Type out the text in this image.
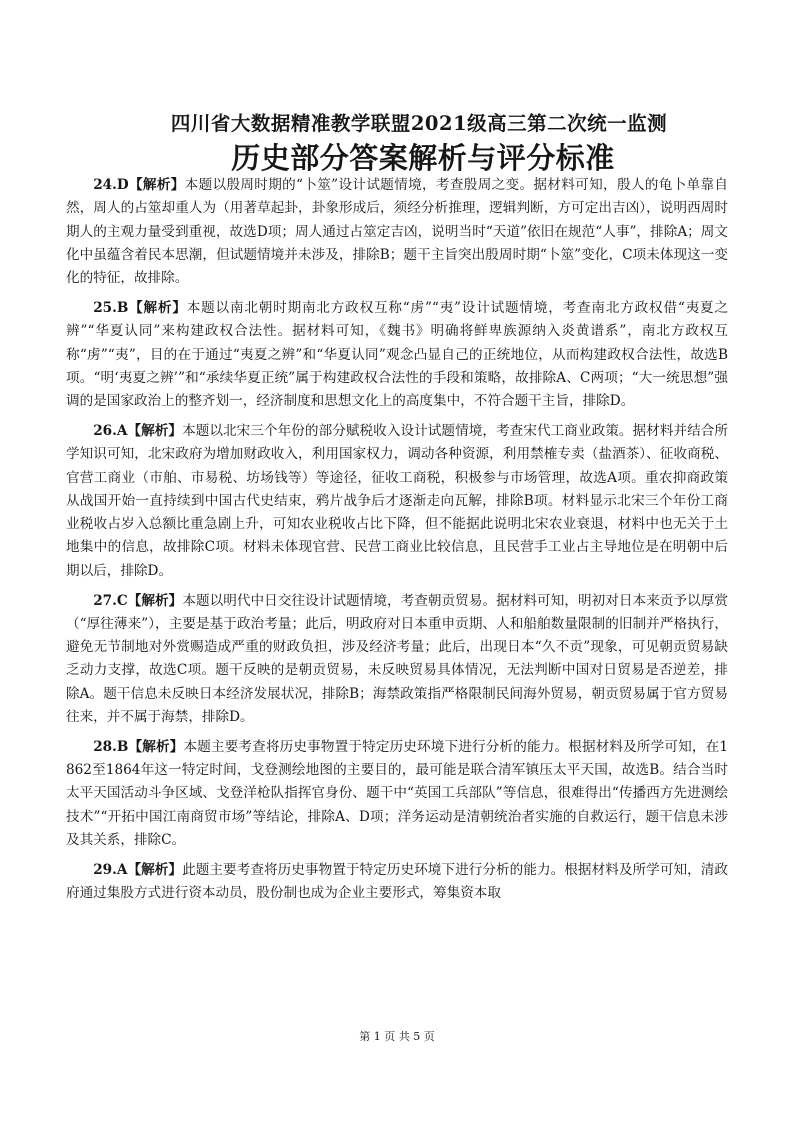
四川省大数据精准教学联盟2021级高三第二次统一监测
历史部分答案解析与评分标准

24.D【解析】本题以殷周时期的“卜筮”设计试题情境，考查殷周之变。据材料可知，殷人的龟卜单靠自然，周人的占筮却重人为（用著草起卦，卦象形成后，须经分析推理，逻辑判断，方可定出吉凶），说明西周时期人的主观力量受到重视，故选D项；周人通过占筮定吉凶，说明当时“天道”依旧在规范“人事”，排除A；周文化中虽蕴含着民本思潮，但试题情境并未涉及，排除B；题干主旨突出殷周时期“卜筮”变化，C项未体现这一变化的特征，故排除。

25.B【解析】本题以南北朝时期南北方政权互称“虏”“夷”设计试题情境，考查南北方政权借“夷夏之辨”“华夏认同”来构建政权合法性。据材料可知，《魏书》明确将鲜卑族源纳入炎黄谱系”，南北方政权互称“虏”“夷”，目的在于通过“夷夏之辨”和“华夏认同”观念凸显自己的正统地位，从而构建政权合法性，故选B项。“明‘夷夏之辨’”和“承续华夏正统”属于构建政权合法性的手段和策略，故排除A、C两项；“大一统思想”强调的是国家政治上的整齐划一，经济制度和思想文化上的高度集中，不符合题干主旨，排除D。

26.A【解析】本题以北宋三个年份的部分赋税收入设计试题情境，考查宋代工商业政策。据材料并结合所学知识可知，北宋政府为增加财政收入，利用国家权力，调动各种资源，利用禁榷专卖（盐酒茶）、征收商税、官营工商业（市舶、市易税、坊场钱等）等途径，征收工商税，积极参与市场管理，故选A项。重农抑商政策从战国开始一直持续到中国古代史结束，鸦片战争后才逐渐走向瓦解，排除B项。材料显示北宋三个年份工商业税收占岁入总额比重急剧上升，可知农业税收占比下降，但不能据此说明北宋农业衰退，材料中也无关于土地集中的信息，故排除C项。材料未体现官营、民营工商业比较信息，且民营手工业占主导地位是在明朝中后期以后，排除D。

27.C【解析】本题以明代中日交往设计试题情境，考查朝贡贸易。据材料可知，明初对日本来贡予以厚赏（“厚往薄来”），主要是基于政治考量；此后，明政府对日本重申贡期、人和船舶数量限制的旧制并严格执行，避免无节制地对外赏赐造成严重的财政负担，涉及经济考量；此后，出现日本“久不贡”现象，可见朝贡贸易缺乏动力支撑，故选C项。题干反映的是朝贡贸易，未反映贸易具体情况，无法判断中国对日贸易是否逆差，排除A。题干信息未反映日本经济发展状况，排除B；海禁政策指严格限制民间海外贸易，朝贡贸易属于官方贸易往来，并不属于海禁，排除D。

28.B【解析】本题主要考查将历史事物置于特定历史环境下进行分析的能力。根据材料及所学可知，在1862至1864年这一特定时间，戈登测绘地图的主要目的，最可能是联合清军镇压太平天国，故选B。结合当时太平天国活动斗争区域、戈登洋枪队指挥官身份、题干中“英国工兵部队”等信息，很难得出“传播西方先进测绘技术”“开拓中国江南商贸市场”等结论，排除A、D项；洋务运动是清朝统治者实施的自救运行，题干信息未涉及其关系，排除C。

29.A【解析】此题主要考查将历史事物置于特定历史环境下进行分析的能力。根据材料及所学可知，清政府通过集股方式进行资本动员，股份制也成为企业主要形式，筹集资本取

第 1 页 共 5 页
